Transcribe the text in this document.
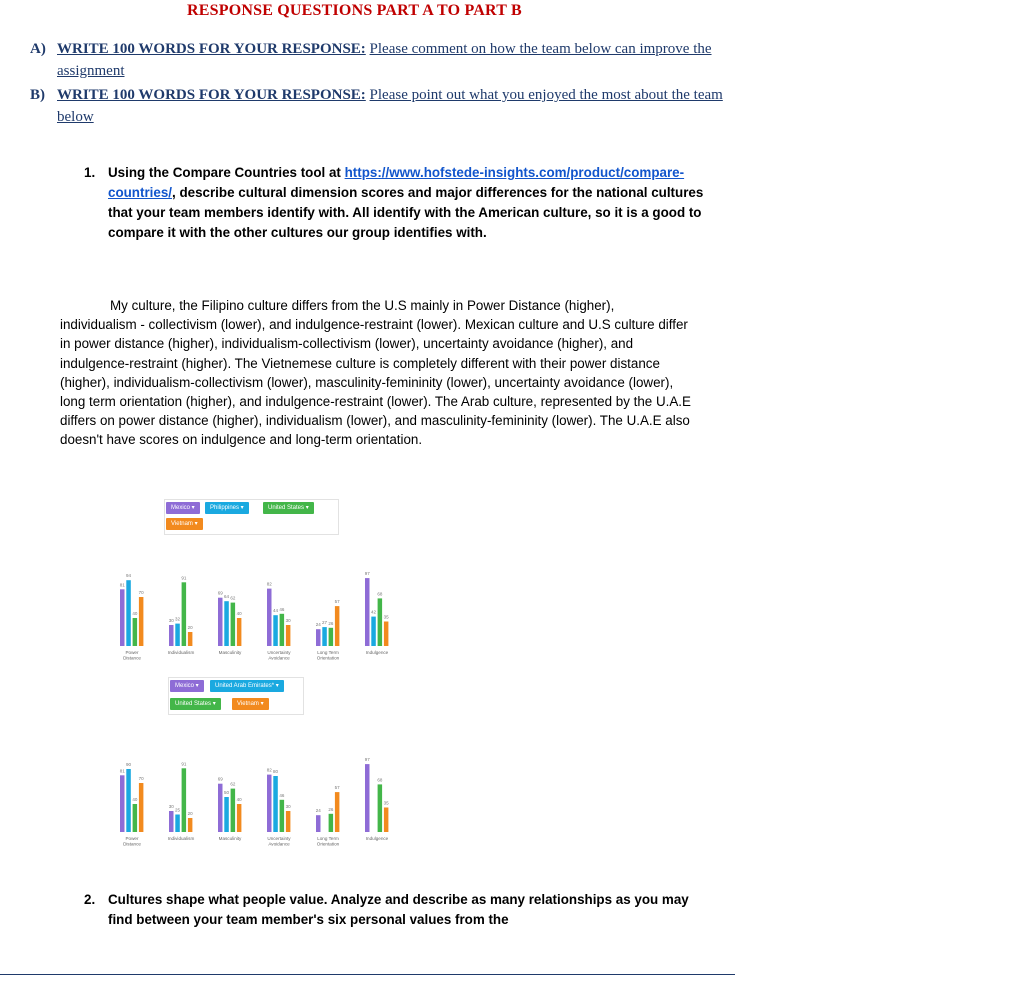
RESPONSE QUESTIONS PART A TO PART B
A) WRITE 100 WORDS FOR YOUR RESPONSE: Please comment on how the team below can improve the assignment
B) WRITE 100 WORDS FOR YOUR RESPONSE: Please point out what you enjoyed the most about the team below
1. Using the Compare Countries tool at https://www.hofstede-insights.com/product/compare-countries/, describe cultural dimension scores and major differences for the national cultures that your team members identify with. All identify with the American culture, so it is a good to compare it with the other cultures our group identifies with.
My culture, the Filipino culture differs from the U.S mainly in Power Distance (higher), individualism - collectivism (lower), and indulgence-restraint (lower). Mexican culture and U.S culture differ in power distance (higher), individualism-collectivism (lower), uncertainty avoidance (higher), and indulgence-restraint (higher). The Vietnemese culture is completely different with their power distance (higher), individualism-collectivism (lower), masculinity-femininity (lower), uncertainty avoidance (lower), long term orientation (higher), and indulgence-restraint (lower). The Arab culture, represented by the U.A.E differs on power distance (higher), individualism (lower), and masculinity-femininity (lower). The U.A.E also doesn't have scores on indulgence and long-term orientation.
Mexico ▾	Philippines ▾	United States ▾
Vietnam ▾
81
94
40
70
Power Distance
30 32
91
20
Individualism
69
64 62
40
Masculinity
82
44 46
30
Uncertainty Avoidance
24 27 26
57
Long Term Orientation
97
42
68
35
Indulgence
Mexico ▾	United Arab Emirates* ▾
United States ▾	Vietnam ▾
81
90
40
70
Power Distance
30
25
91
20
Individualism
69
50
62
40
Masculinity
82 80
46
30
Uncertainty Avoidance
24 26
57
Long Term Orientation
97
68
35
Indulgence
2. Cultures shape what people value. Analyze and describe as many relationships as you may find between your team member's six personal values from the
